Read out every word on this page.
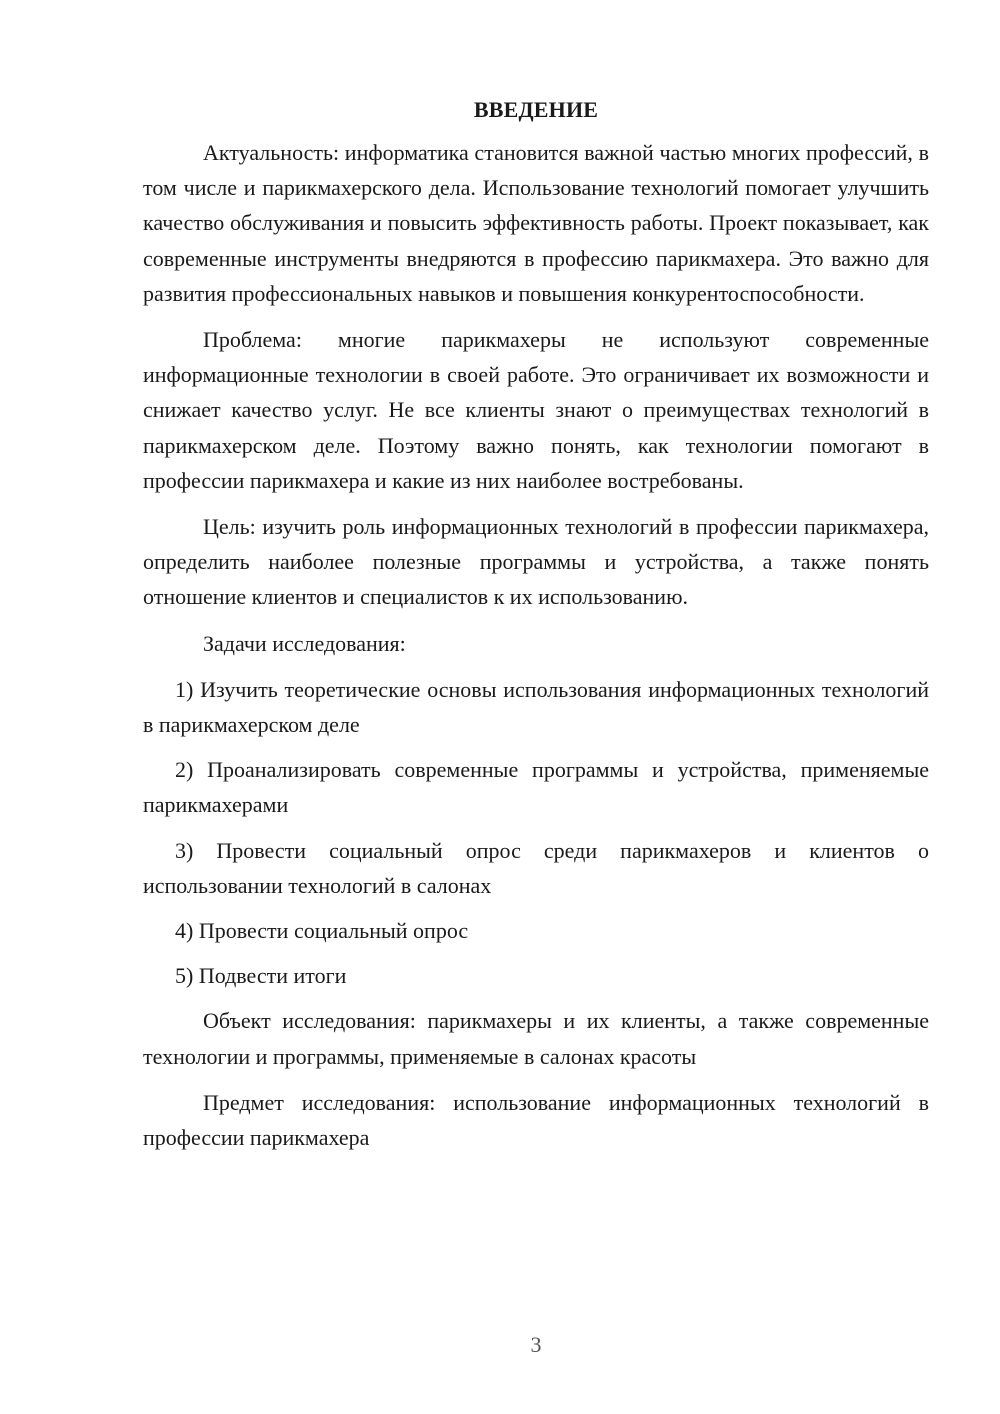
ВВЕДЕНИЕ

Актуальность: информатика становится важной частью многих профессий, в том числе и парикмахерского дела. Использование технологий помогает улучшить качество обслуживания и повысить эффективность работы. Проект показывает, как современные инструменты внедряются в профессию парикмахера. Это важно для развития профессиональных навыков и повышения конкурентоспособности.

Проблема: многие парикмахеры не используют современные информационные технологии в своей работе. Это ограничивает их возможности и снижает качество услуг. Не все клиенты знают о преимуществах технологий в парикмахерском деле. Поэтому важно понять, как технологии помогают в профессии парикмахера и какие из них наиболее востребованы.

Цель: изучить роль информационных технологий в профессии парикмахера, определить наиболее полезные программы и устройства, а также понять отношение клиентов и специалистов к их использованию.

Задачи исследования:

1) Изучить теоретические основы использования информационных технологий в парикмахерском деле

2) Проанализировать современные программы и устройства, применяемые парикмахерами

3) Провести социальный опрос среди парикмахеров и клиентов о использовании технологий в салонах

4) Провести социальный опрос

5) Подвести итоги

Объект исследования: парикмахеры и их клиенты, а также современные технологии и программы, применяемые в салонах красоты

Предмет исследования: использование информационных технологий в профессии парикмахера

3
